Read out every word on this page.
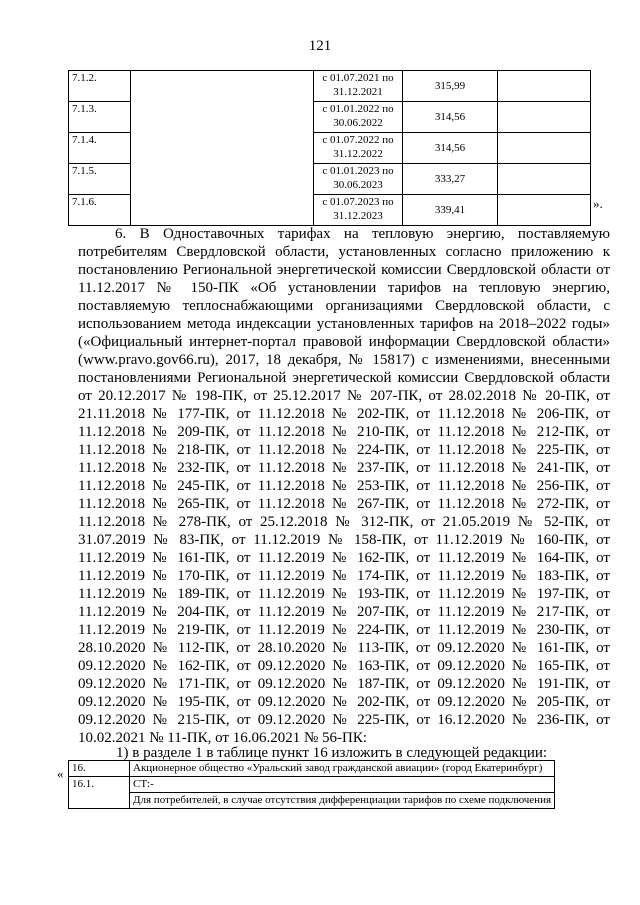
121
7.1.2.		с 01.07.2021 по
31.12.2021	315,99	
7.1.3.		с 01.01.2022 по
30.06.2022	314,56	
7.1.4.		с 01.07.2022 по
31.12.2022	314,56	
7.1.5.		с 01.01.2023 по
30.06.2023	333,27	
7.1.6.		с 01.07.2023 по
31.12.2023	339,41		».

6. В Одноставочных тарифах на тепловую энергию, поставляемую потребителям Свердловской области, установленных согласно приложению к постановлению Региональной энергетической комиссии Свердловской области от 11.12.2017 № 150-ПК «Об установлении тарифов на тепловую энергию, поставляемую теплоснабжающими организациями Свердловской области, с использованием метода индексации установленных тарифов на 2018–2022 годы» («Официальный интернет-портал правовой информации Свердловской области» (www.pravo.gov66.ru), 2017, 18 декабря, № 15817) с изменениями, внесенными постановлениями Региональной энергетической комиссии Свердловской области от 20.12.2017 № 198-ПК, от 25.12.2017 № 207-ПК, от 28.02.2018 № 20-ПК, от 21.11.2018 № 177-ПК, от 11.12.2018 № 202-ПК, от 11.12.2018 № 206-ПК, от 11.12.2018 № 209-ПК, от 11.12.2018 № 210-ПК, от 11.12.2018 № 212-ПК, от 11.12.2018 № 218-ПК, от 11.12.2018 № 224-ПК, от 11.12.2018 № 225-ПК, от 11.12.2018 № 232-ПК, от 11.12.2018 № 237-ПК, от 11.12.2018 № 241-ПК, от 11.12.2018 № 245-ПК, от 11.12.2018 № 253-ПК, от 11.12.2018 № 256-ПК, от 11.12.2018 № 265-ПК, от 11.12.2018 № 267-ПК, от 11.12.2018 № 272-ПК, от 11.12.2018 № 278-ПК, от 25.12.2018 № 312-ПК, от 21.05.2019 № 52-ПК, от 31.07.2019 № 83-ПК, от 11.12.2019 № 158-ПК, от 11.12.2019 № 160-ПК, от 11.12.2019 № 161-ПК, от 11.12.2019 № 162-ПК, от 11.12.2019 № 164-ПК, от 11.12.2019 № 170-ПК, от 11.12.2019 № 174-ПК, от 11.12.2019 № 183-ПК, от 11.12.2019 № 189-ПК, от 11.12.2019 № 193-ПК, от 11.12.2019 № 197-ПК, от 11.12.2019 № 204-ПК, от 11.12.2019 № 207-ПК, от 11.12.2019 № 217-ПК, от 11.12.2019 № 219-ПК, от 11.12.2019 № 224-ПК, от 11.12.2019 № 230-ПК, от 28.10.2020 № 112-ПК, от 28.10.2020 № 113-ПК, от 09.12.2020 № 161-ПК, от 09.12.2020 № 162-ПК, от 09.12.2020 № 163-ПК, от 09.12.2020 № 165-ПК, от 09.12.2020 № 171-ПК, от 09.12.2020 № 187-ПК, от 09.12.2020 № 191-ПК, от 09.12.2020 № 195-ПК, от 09.12.2020 № 202-ПК, от 09.12.2020 № 205-ПК, от 09.12.2020 № 215-ПК, от 09.12.2020 № 225-ПК, от 16.12.2020 № 236-ПК, от 10.02.2021 № 11-ПК, от 16.06.2021 № 56-ПК:

1) в разделе 1 в таблице пункт 16 изложить в следующей редакции:
« 16.	Акционерное общество «Уральский завод гражданской авиации» (город Екатеринбург)
16.1.	СТ:-
	Для потребителей, в случае отсутствия дифференциации тарифов по схеме подключения
